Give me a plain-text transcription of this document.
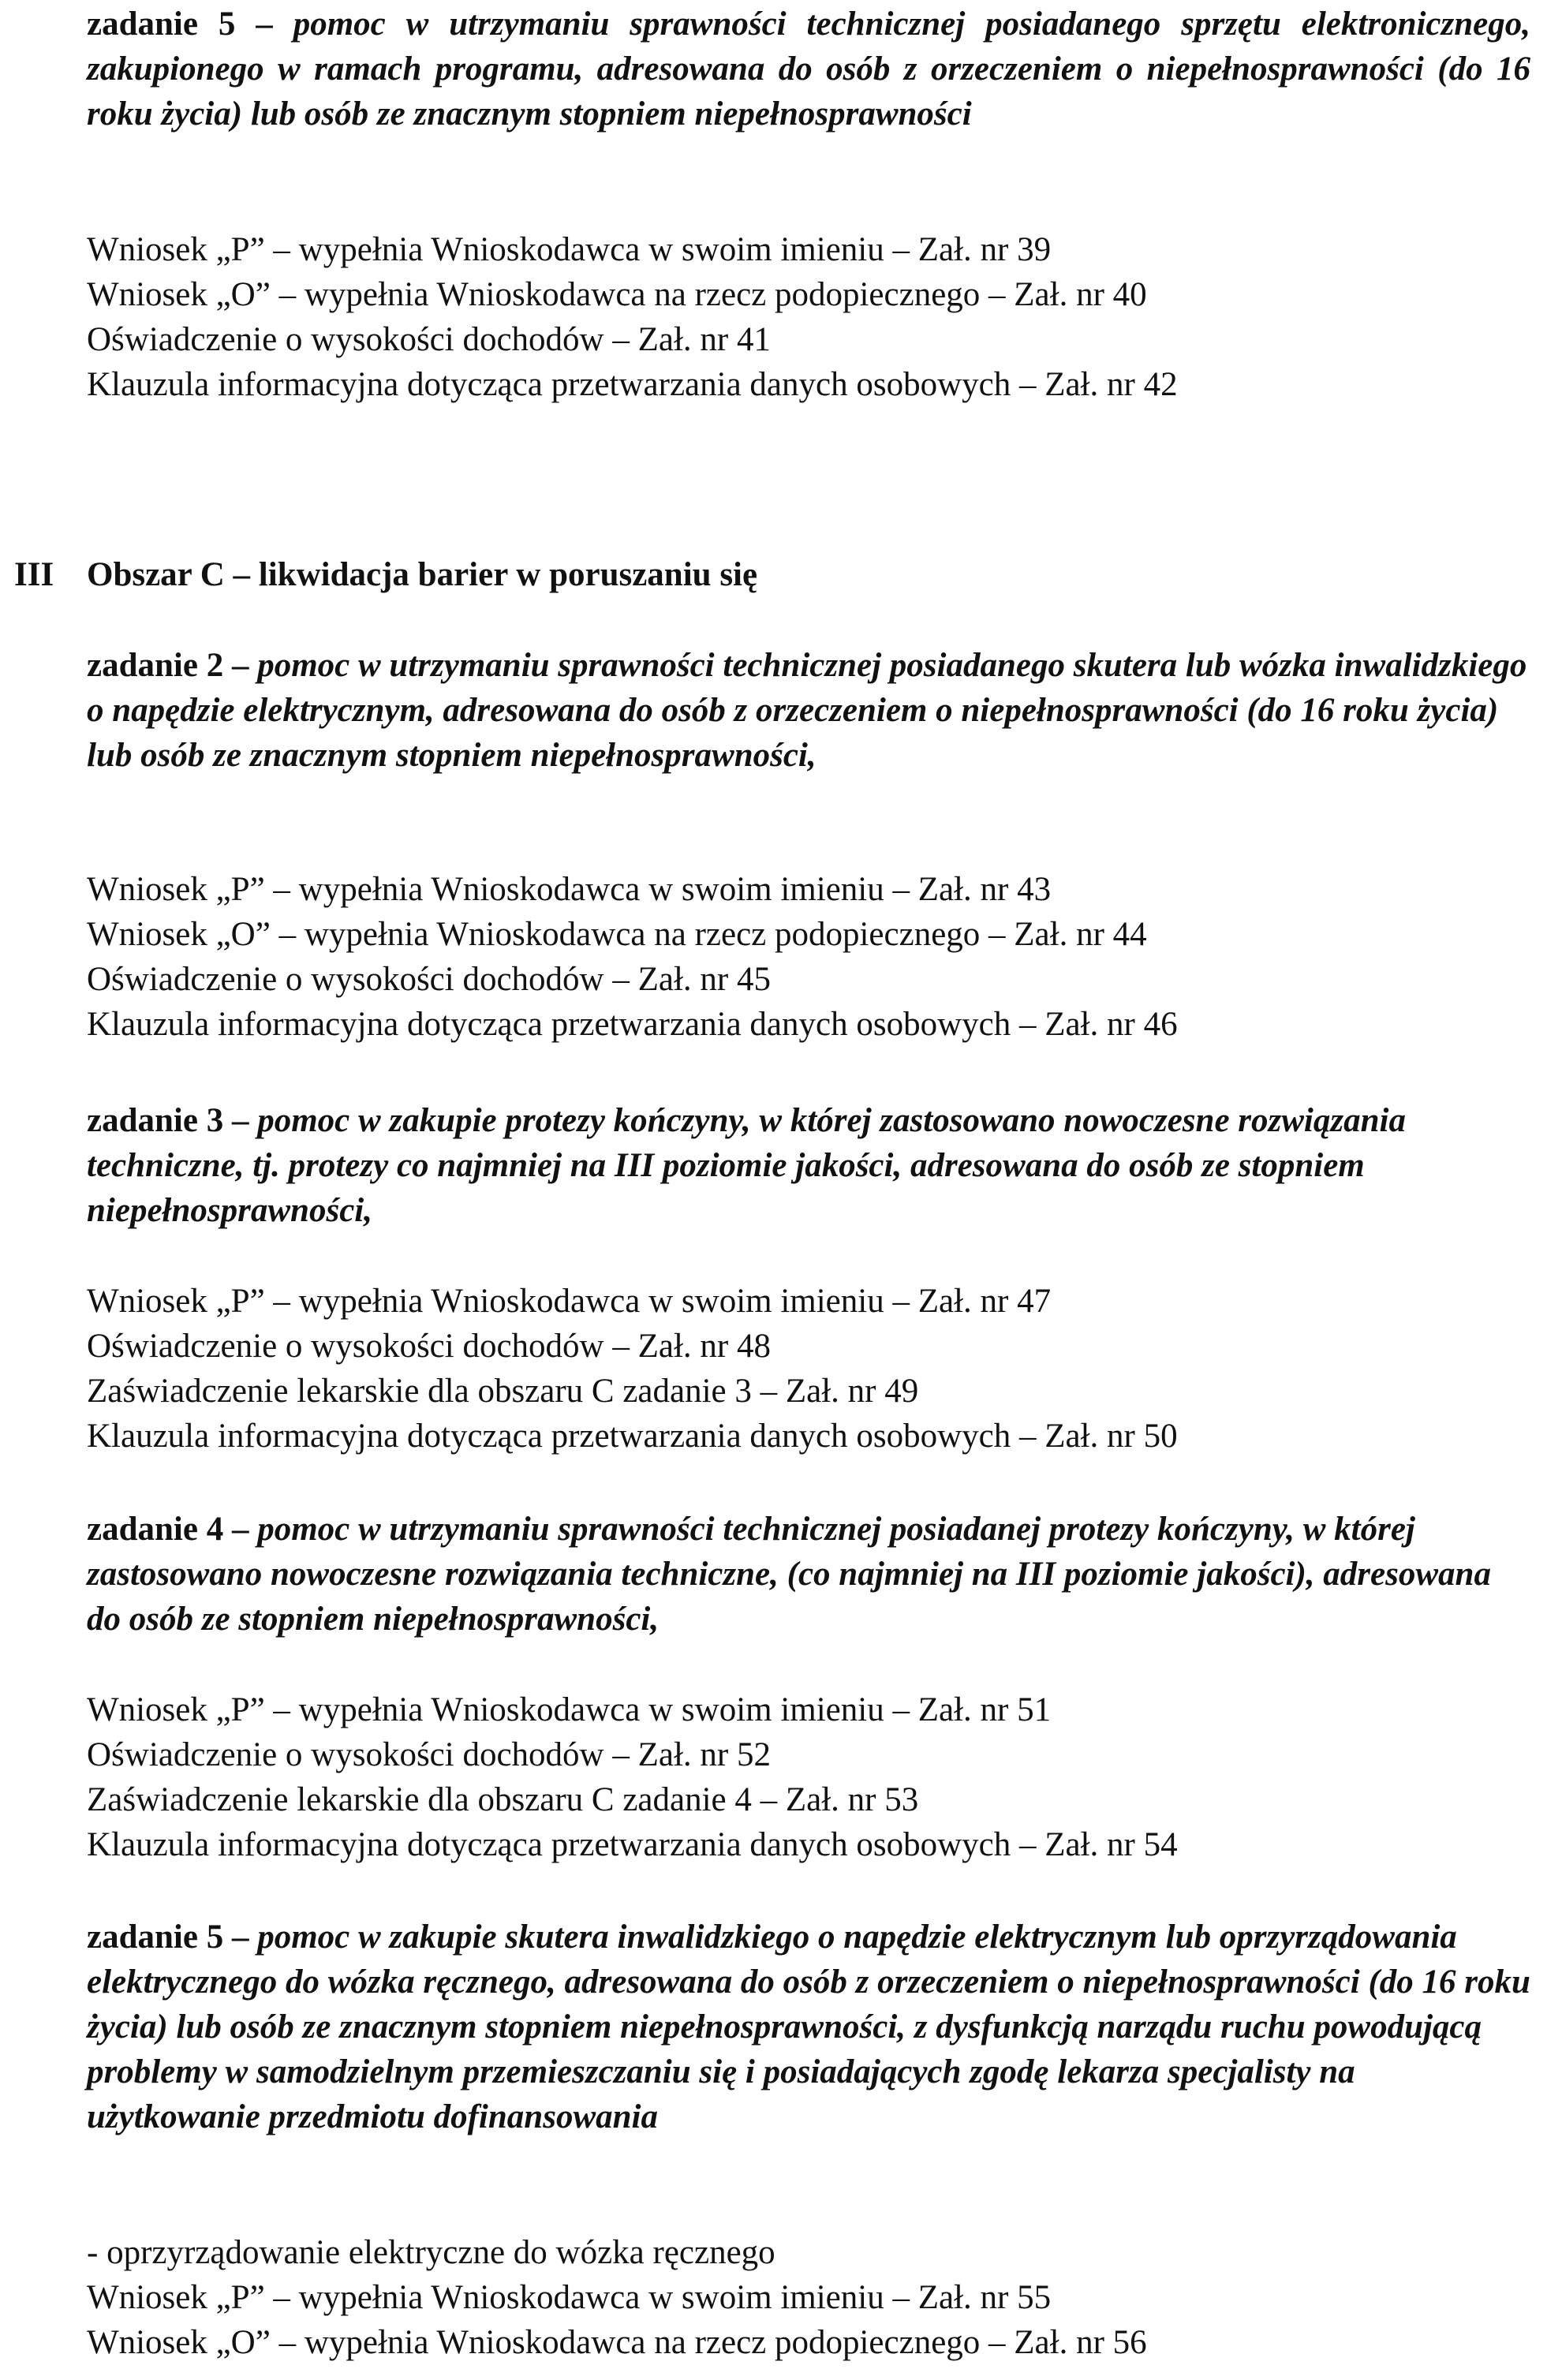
zadanie 5 – pomoc w utrzymaniu sprawności technicznej posiadanego sprzętu elektronicznego, zakupionego w ramach programu, adresowana do osób z orzeczeniem o niepełnosprawności (do 16 roku życia) lub osób ze znacznym stopniem niepełnosprawności

Wniosek „P” – wypełnia Wnioskodawca w swoim imieniu – Zał. nr 39
Wniosek „O” – wypełnia Wnioskodawca na rzecz podopiecznego – Zał. nr 40
Oświadczenie o wysokości dochodów – Zał. nr 41
Klauzula informacyjna dotycząca przetwarzania danych osobowych – Zał. nr 42
III Obszar C – likwidacja barier w poruszaniu się

zadanie 2 – pomoc w utrzymaniu sprawności technicznej posiadanego skutera lub wózka inwalidzkiego o napędzie elektrycznym, adresowana do osób z orzeczeniem o niepełnosprawności (do 16 roku życia) lub osób ze znacznym stopniem niepełnosprawności,

Wniosek „P” – wypełnia Wnioskodawca w swoim imieniu – Zał. nr 43
Wniosek „O” – wypełnia Wnioskodawca na rzecz podopiecznego – Zał. nr 44
Oświadczenie o wysokości dochodów – Zał. nr 45
Klauzula informacyjna dotycząca przetwarzania danych osobowych – Zał. nr 46

zadanie 3 – pomoc w zakupie protezy kończyny, w której zastosowano nowoczesne rozwiązania techniczne, tj. protezy co najmniej na III poziomie jakości, adresowana do osób ze stopniem niepełnosprawności,

Wniosek „P” – wypełnia Wnioskodawca w swoim imieniu – Zał. nr 47
Oświadczenie o wysokości dochodów – Zał. nr 48
Zaświadczenie lekarskie dla obszaru C zadanie 3 – Zał. nr 49
Klauzula informacyjna dotycząca przetwarzania danych osobowych – Zał. nr 50

zadanie 4 – pomoc w utrzymaniu sprawności technicznej posiadanej protezy kończyny, w której zastosowano nowoczesne rozwiązania techniczne, (co najmniej na III poziomie jakości), adresowana do osób ze stopniem niepełnosprawności,

Wniosek „P” – wypełnia Wnioskodawca w swoim imieniu – Zał. nr 51
Oświadczenie o wysokości dochodów – Zał. nr 52
Zaświadczenie lekarskie dla obszaru C zadanie 4 – Zał. nr 53
Klauzula informacyjna dotycząca przetwarzania danych osobowych – Zał. nr 54

zadanie 5 – pomoc w zakupie skutera inwalidzkiego o napędzie elektrycznym lub oprzyrządowania elektrycznego do wózka ręcznego, adresowana do osób z orzeczeniem o niepełnosprawności (do 16 roku życia) lub osób ze znacznym stopniem niepełnosprawności, z dysfunkcją narządu ruchu powodującą problemy w samodzielnym przemieszczaniu się i posiadających zgodę lekarza specjalisty na użytkowanie przedmiotu dofinansowania

- oprzyrządowanie elektryczne do wózka ręcznego
Wniosek „P” – wypełnia Wnioskodawca w swoim imieniu – Zał. nr 55
Wniosek „O” – wypełnia Wnioskodawca na rzecz podopiecznego – Zał. nr 56
